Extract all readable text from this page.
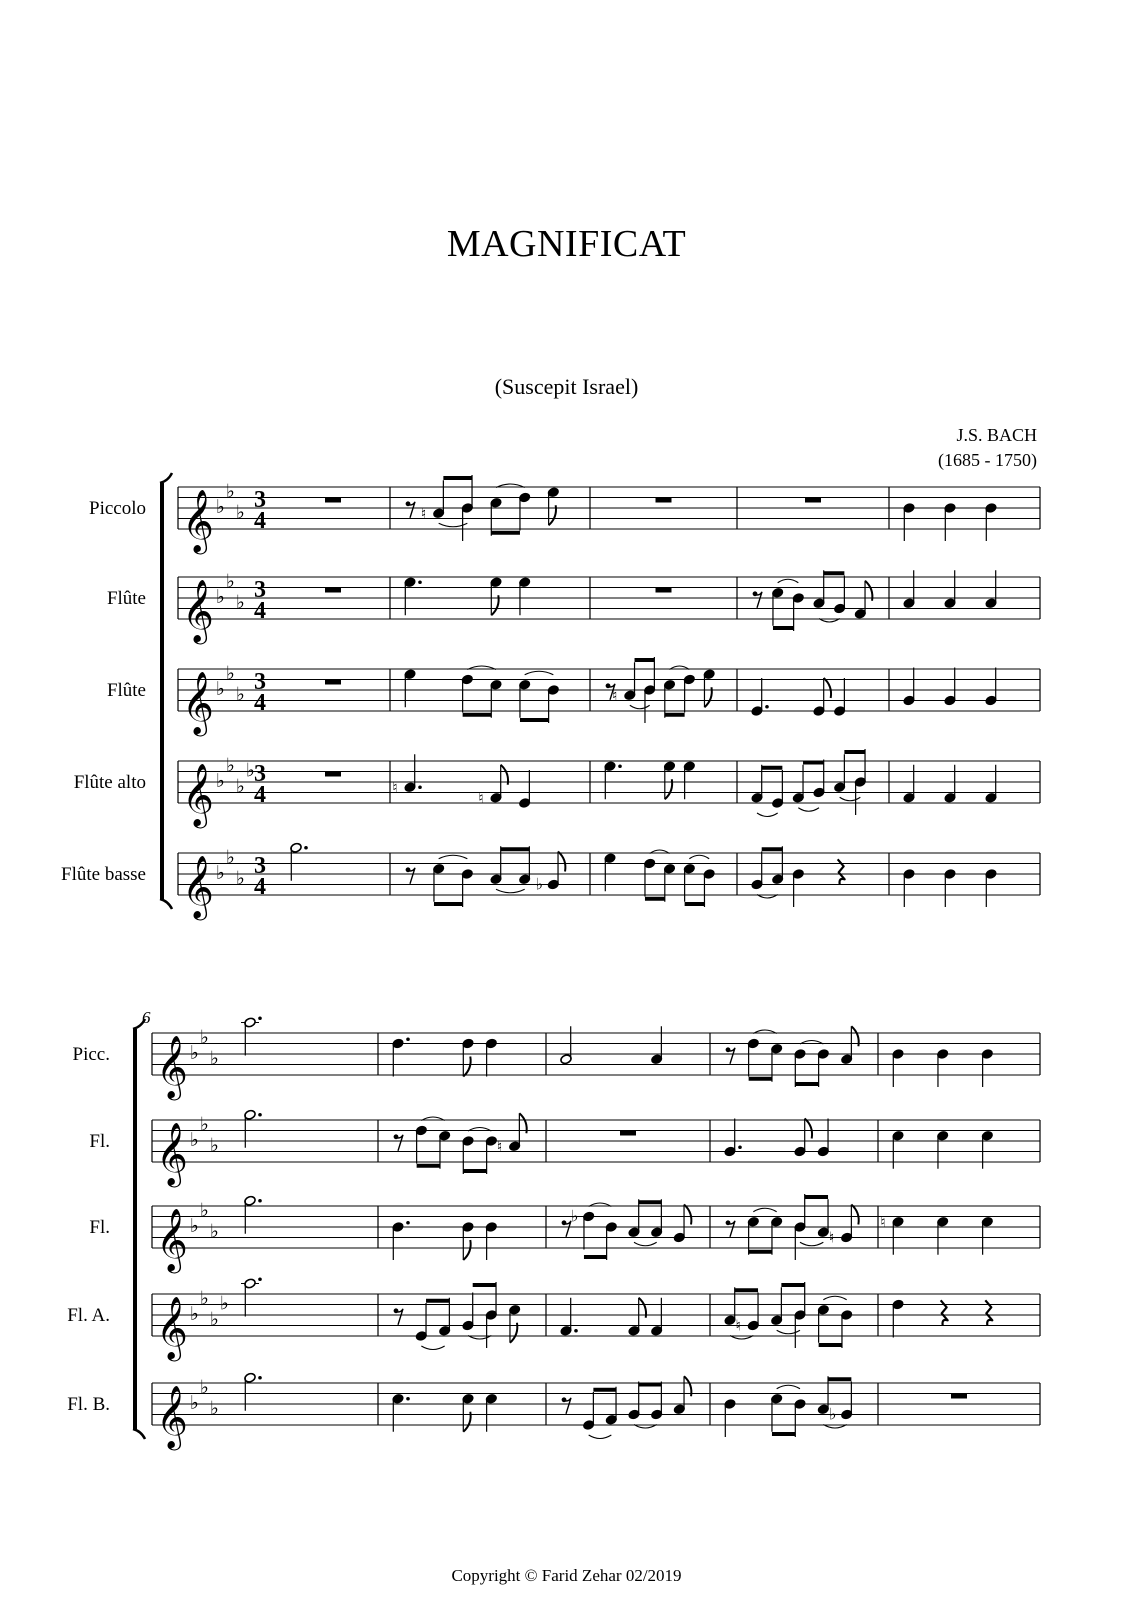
MAGNIFICAT
(Suscepit Israel)
J.S. BACH
(1685 - 1750)
Piccolo 𝄞 ♭
♭
♭ 3
4
Flûte 𝄞 ♭
♭
♭ 3
4
Flûte 𝄞 ♭
♭
♭ 3
4
Flûte alto 𝄞 ♭
♭
♭
♭ 3
4
Flûte basse 𝄞 ♭
♭
♭ 3
4
♮
♮
♮
♭
♮
6
Picc. 𝄞 ♭
♭
♭
Fl. 𝄞 ♭
♭
♭
Fl. 𝄞 ♭
♭
♭
Fl. A. 𝄞 ♭
♭
♭
♭
Fl. B. 𝄞 ♭
♭
♭
♮
♭
♮
♮
♭
♮
Copyright © Farid Zehar 02/2019
